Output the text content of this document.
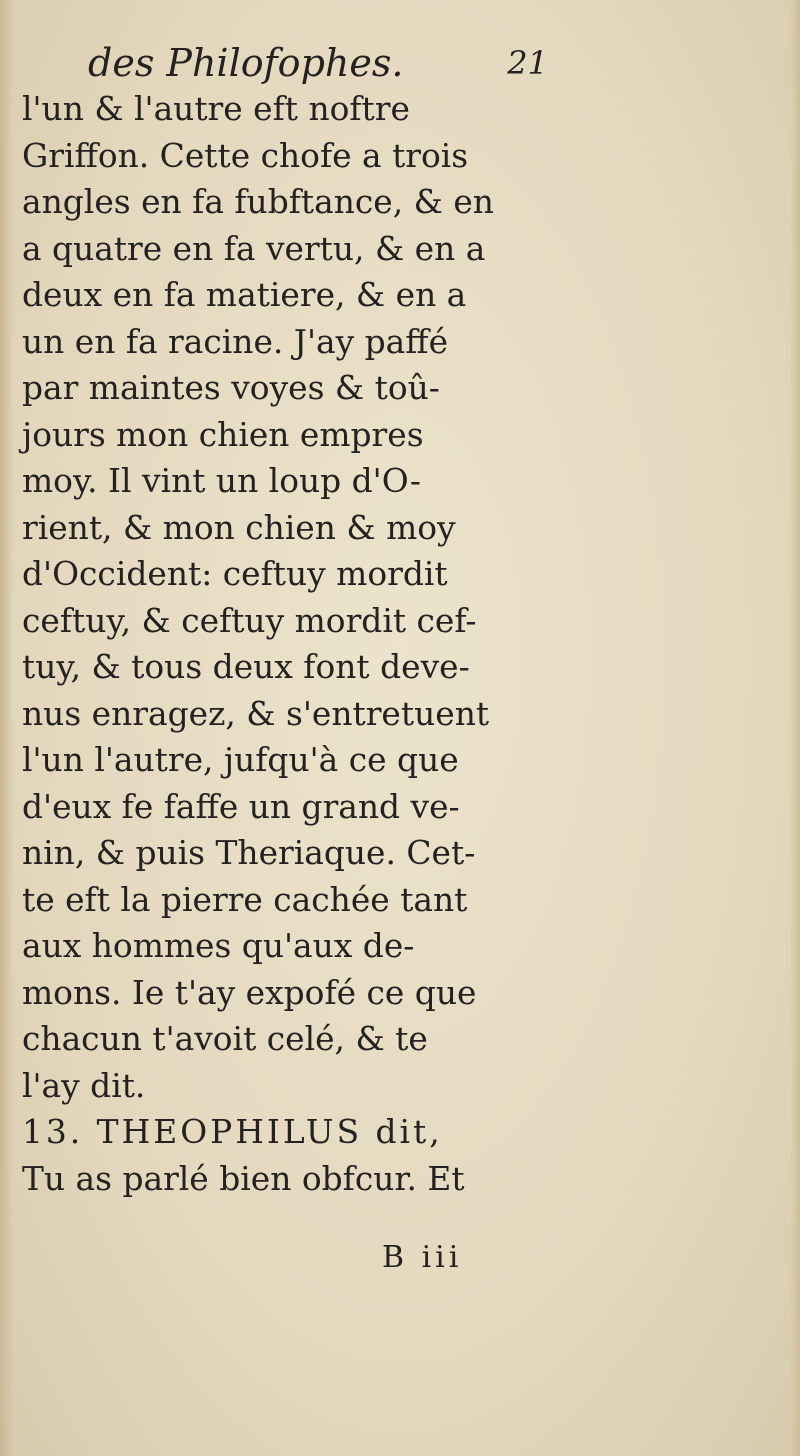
des Philofophes.	21
l'un & l'autre eft noftre
Griffon. Cette chofe a trois
angles en fa fubftance, & en
a quatre en fa vertu, & en a
deux en fa matiere, & en a
un en fa racine. J'ay paffé
par maintes voyes & toû-
jours mon chien empres
moy. Il vint un loup d'O-
rient, & mon chien & moy
d'Occident: ceftuy mordit
ceftuy, & ceftuy mordit cef-
tuy, & tous deux font deve-
nus enragez, & s'entretuent
l'un l'autre, jufqu'à ce que
d'eux fe faffe un grand ve-
nin, & puis Theriaque. Cet-
te eft la pierre cachée tant
aux hommes qu'aux de-
mons. Ie t'ay expofé ce que
chacun t'avoit celé, & te
l'ay dit.
13. THEOPHILUS dit,
Tu as parlé bien obfcur. Et
B iii
